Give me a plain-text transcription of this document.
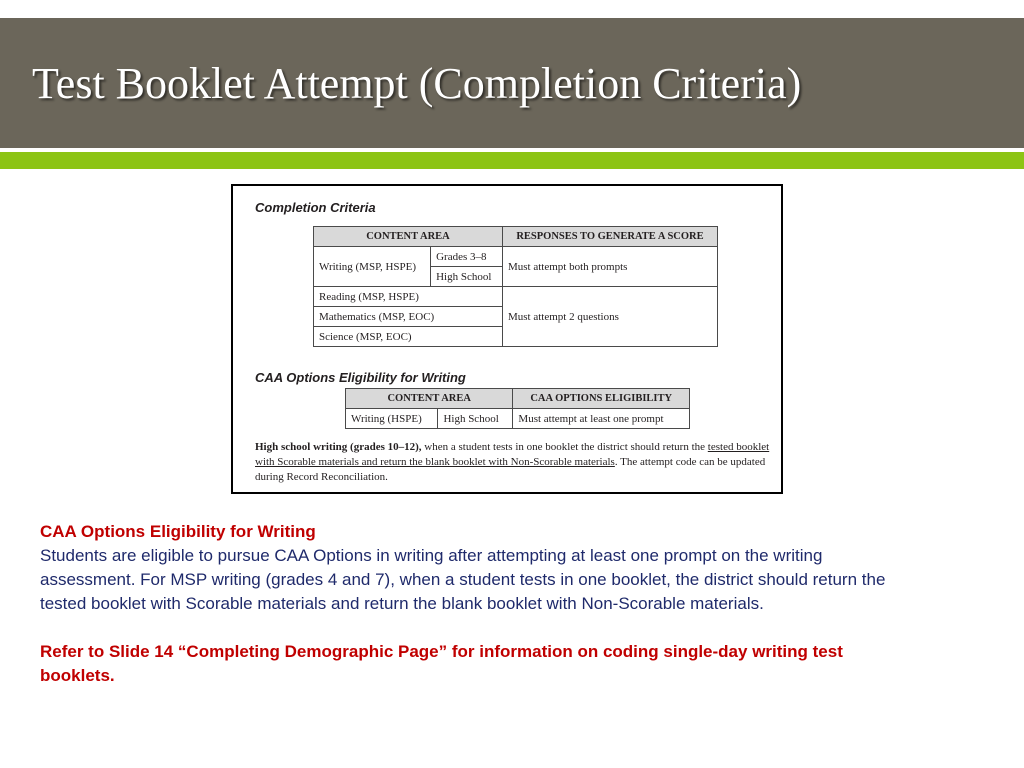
Test Booklet Attempt (Completion Criteria)

Completion Criteria

CONTENT AREA		RESPONSES TO GENERATE A SCORE
Writing (MSP, HSPE)	Grades 3–8	Must attempt both prompts
	High School	
Reading (MSP, HSPE)		Must attempt 2 questions
Mathematics (MSP, EOC)		
Science (MSP, EOC)		

CAA Options Eligibility for Writing

CONTENT AREA		CAA OPTIONS ELIGIBILITY
Writing (HSPE)	High School	Must attempt at least one prompt

High school writing (grades 10–12), when a student tests in one booklet the district should return the tested booklet with Scorable materials and return the blank booklet with Non-Scorable materials. The attempt code can be updated during Record Reconciliation.

CAA Options Eligibility for Writing

Students are eligible to pursue CAA Options in writing after attempting at least one prompt on the writing assessment. For MSP writing (grades 4 and 7), when a student tests in one booklet, the district should return the tested booklet with Scorable materials and return the blank booklet with Non-Scorable materials.

Refer to Slide 14 “Completing Demographic Page” for information on coding single-day writing test booklets.
